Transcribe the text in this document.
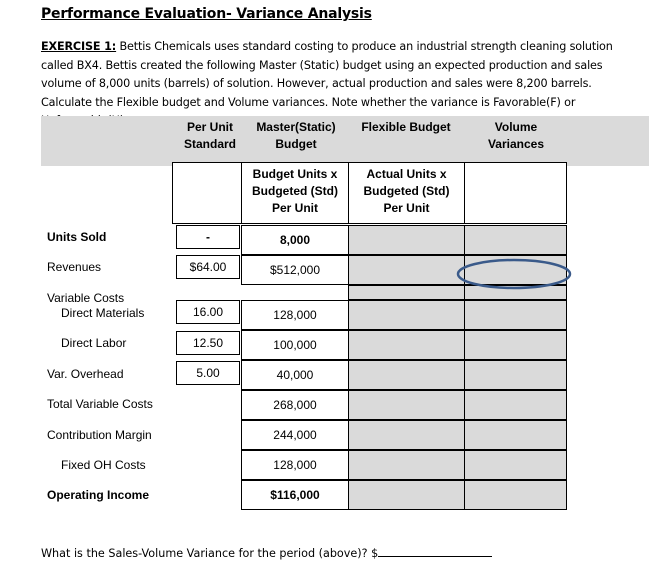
Performance Evaluation- Variance Analysis
EXERCISE 1: Bettis Chemicals uses standard costing to produce an industrial strength cleaning solution called BX4. Bettis created the following Master (Static) budget using an expected production and sales volume of 8,000 units (barrels) of solution. However, actual production and sales were 8,200 barrels. Calculate the Flexible budget and Volume variances. Note whether the variance is Favorable(F) or
Per Unit
Standard
Master(Static)
Budget
Flexible Budget	Volume
Variances
Budget Units x
Budgeted (Std)
Per Unit
Actual Units x
Budgeted (Std)
Per Unit
Units Sold
Revenues
Variable Costs
Direct Materials
Direct Labor
Var. Overhead
Total Variable Costs
Contribution Margin
Fixed OH Costs
Operating Income
-
$64.00
16.00
12.50
5.00
8,000
$512,000
128,000
100,000
40,000
268,000
244,000
128,000
$116,000
What is the Sales-Volume Variance for the period (above)? $
